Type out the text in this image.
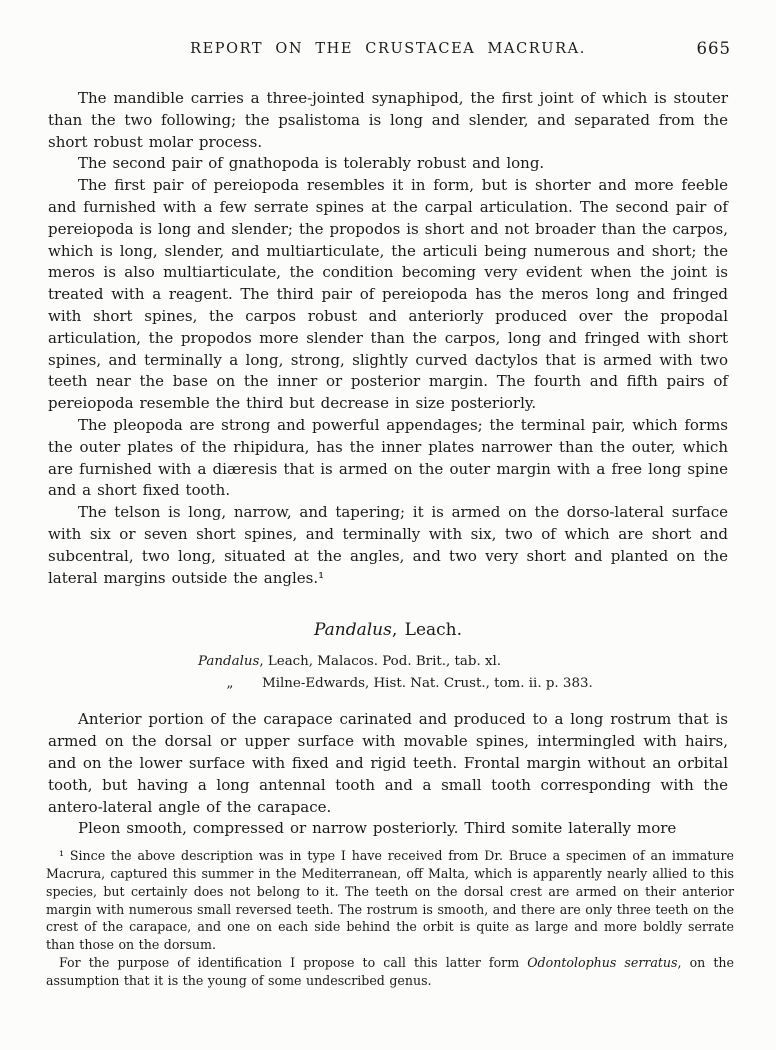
REPORT ON THE CRUSTACEA MACRURA.	665

The mandible carries a three-jointed synaphipod, the first joint of which is stouter than the two following; the psalistoma is long and slender, and separated from the short robust molar process.

The second pair of gnathopoda is tolerably robust and long.

The first pair of pereiopoda resembles it in form, but is shorter and more feeble and furnished with a few serrate spines at the carpal articulation. The second pair of pereiopoda is long and slender; the propodos is short and not broader than the carpos, which is long, slender, and multiarticulate, the articuli being numerous and short; the meros is also multiarticulate, the condition becoming very evident when the joint is treated with a reagent. The third pair of pereiopoda has the meros long and fringed with short spines, the carpos robust and anteriorly produced over the propodal articulation, the propodos more slender than the carpos, long and fringed with short spines, and terminally a long, strong, slightly curved dactylos that is armed with two teeth near the base on the inner or posterior margin. The fourth and fifth pairs of pereiopoda resemble the third but decrease in size posteriorly.

The pleopoda are strong and powerful appendages; the terminal pair, which forms the outer plates of the rhipidura, has the inner plates narrower than the outer, which are furnished with a diæresis that is armed on the outer margin with a free long spine and a short fixed tooth.

The telson is long, narrow, and tapering; it is armed on the dorso-lateral surface with six or seven short spines, and terminally with six, two of which are short and subcentral, two long, situated at the angles, and two very short and planted on the lateral margins outside the angles.¹

Pandalus, Leach.
Pandalus, Leach, Malacos. Pod. Brit., tab. xl.
„ Milne-Edwards, Hist. Nat. Crust., tom. ii. p. 383.

Anterior portion of the carapace carinated and produced to a long rostrum that is armed on the dorsal or upper surface with movable spines, intermingled with hairs, and on the lower surface with fixed and rigid teeth. Frontal margin without an orbital tooth, but having a long antennal tooth and a small tooth corresponding with the antero-lateral angle of the carapace.

Pleon smooth, compressed or narrow posteriorly. Third somite laterally more

¹ Since the above description was in type I have received from Dr. Bruce a specimen of an immature Macrura, captured this summer in the Mediterranean, off Malta, which is apparently nearly allied to this species, but certainly does not belong to it. The teeth on the dorsal crest are armed on their anterior margin with numerous small reversed teeth. The rostrum is smooth, and there are only three teeth on the crest of the carapace, and one on each side behind the orbit is quite as large and more boldly serrate than those on the dorsum.

For the purpose of identification I propose to call this latter form Odontolophus serratus, on the assumption that it is the young of some undescribed genus.
